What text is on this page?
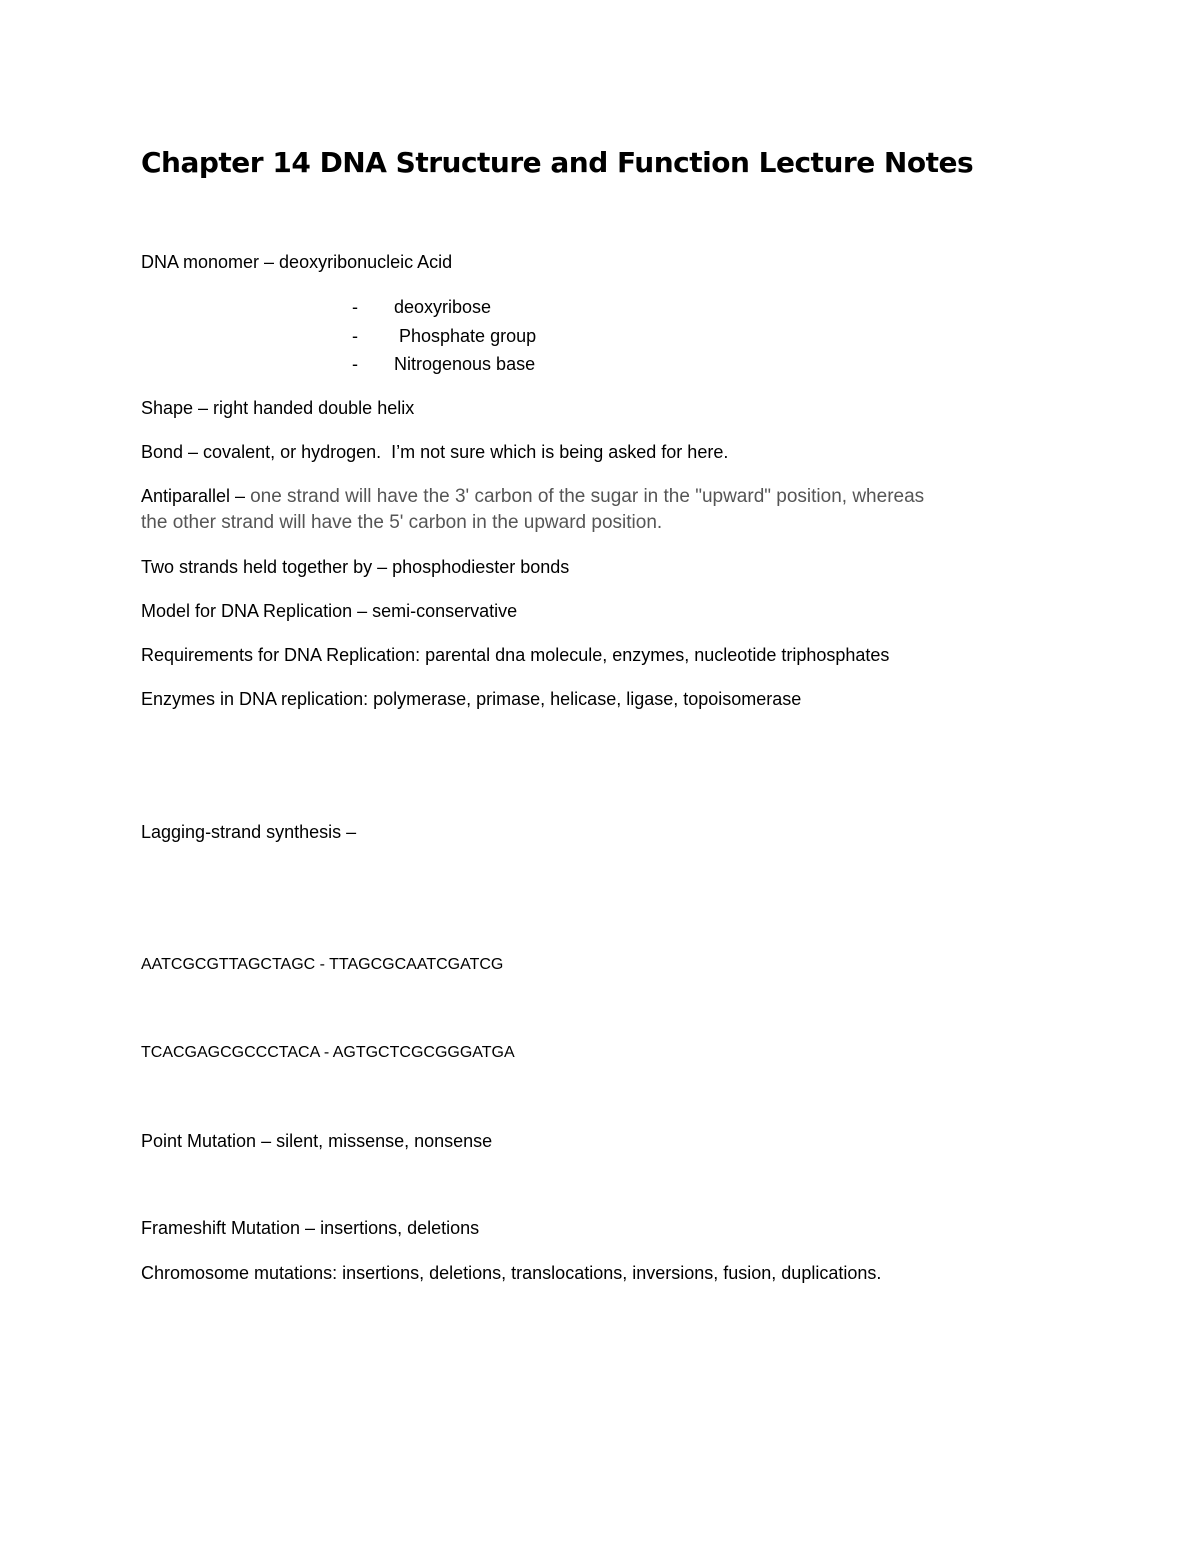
Chapter 14 DNA Structure and Function Lecture Notes
DNA monomer – deoxyribonucleic Acid
- deoxyribose
- Phosphate group
- Nitrogenous base
Shape – right handed double helix
Bond – covalent, or hydrogen.  I’m not sure which is being asked for here.
Antiparallel – one strand will have the 3' carbon of the sugar in the "upward" position, whereas
the other strand will have the 5' carbon in the upward position.
Two strands held together by – phosphodiester bonds
Model for DNA Replication – semi-conservative
Requirements for DNA Replication: parental dna molecule, enzymes, nucleotide triphosphates
Enzymes in DNA replication: polymerase, primase, helicase, ligase, topoisomerase
Lagging-strand synthesis –
AATCGCGTTAGCTAGC - TTAGCGCAATCGATCG
TCACGAGCGCCCTACA - AGTGCTCGCGGGATGA
Point Mutation – silent, missense, nonsense
Frameshift Mutation – insertions, deletions
Chromosome mutations: insertions, deletions, translocations, inversions, fusion, duplications.
